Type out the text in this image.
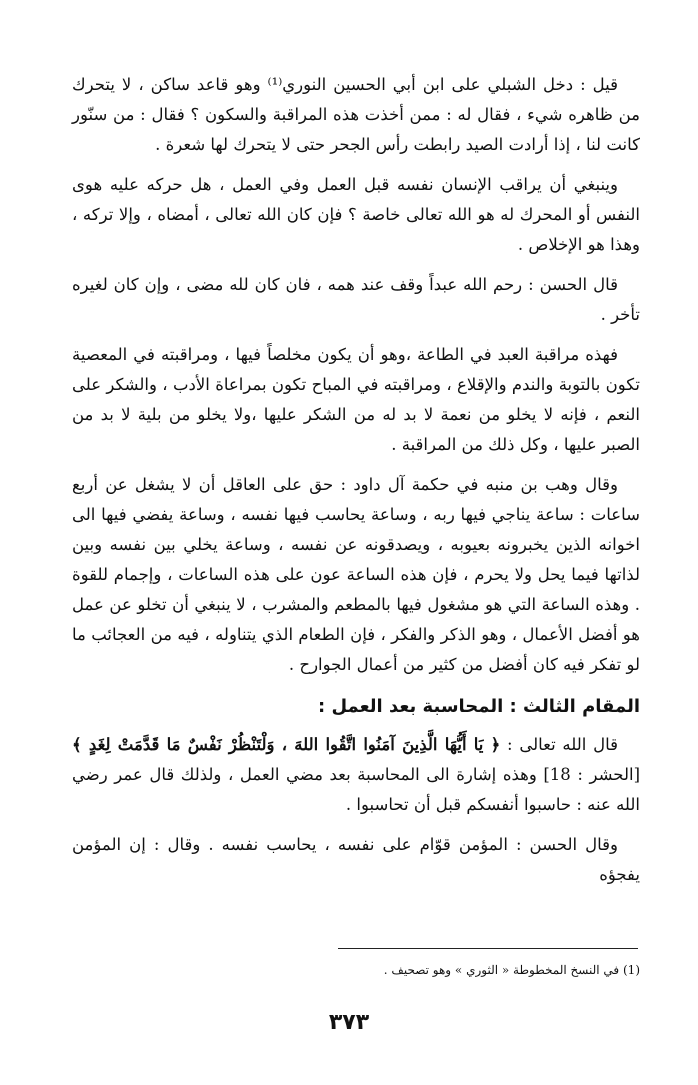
قيل : دخل الشبلي على ابن أبي الحسين النوري⁽¹⁾ وهو قاعد ساكن ، لا يتحرك من ظاهره شيء ، فقال له : ممن أخذت هذه المراقبة والسكون ؟ فقال : من سنّور كانت لنا ، إذا أرادت الصيد رابطت رأس الجحر حتى لا يتحرك لها شعرة .

وينبغي أن يراقب الإنسان نفسه قبل العمل وفي العمل ، هل حركه عليه هوى النفس أو المحرك له هو الله تعالى خاصة ؟ فإن كان الله تعالى ، أمضاه ، وإلا تركه ، وهذا هو الإخلاص .

قال الحسن : رحم الله عبداً وقف عند همه ، فان كان لله مضى ، وإن كان لغيره تأخر .

فهذه مراقبة العبد في الطاعة ،وهو أن يكون مخلصاً فيها ، ومراقبته في المعصية تكون بالتوبة والندم والإقلاع ، ومراقبته في المباح تكون بمراعاة الأدب ، والشكر على النعم ، فإنه لا يخلو من نعمة لا بد له من الشكر عليها ،ولا يخلو من بلية لا بد من الصبر عليها ، وكل ذلك من المراقبة .

وقال وهب بن منبه في حكمة آل داود : حق على العاقل أن لا يشغل عن أربع ساعات : ساعة يناجي فيها ربه ، وساعة يحاسب فيها نفسه ، وساعة يفضي فيها الى اخوانه الذين يخبرونه بعيوبه ، ويصدقونه عن نفسه ، وساعة يخلي بين نفسه وبين لذاتها فيما يحل ولا يحرم ، فإن هذه الساعة عون على هذه الساعات ، وإجمام للقوة . وهذه الساعة التي هو مشغول فيها بالمطعم والمشرب ، لا ينبغي أن تخلو عن عمل هو أفضل الأعمال ، وهو الذكر والفكر ، فإن الطعام الذي يتناوله ، فيه من العجائب ما لو تفكر فيه كان أفضل من كثير من أعمال الجوارح .

المقام الثالث : المحاسبة بعد العمل :

قال الله تعالى : ﴿ يَا أَيُّهَا الَّذِينَ آمَنُوا اتَّقُوا اللهَ ، وَلْتَنْظُرْ نَفْسٌ مَا قَدَّمَتْ لِغَدٍ ﴾ [الحشر : 18] وهذه إشارة الى المحاسبة بعد مضي العمل ، ولذلك قال عمر رضي الله عنه : حاسبوا أنفسكم قبل أن تحاسبوا .

وقال الحسن : المؤمن قوّام على نفسه ، يحاسب نفسه . وقال : إن المؤمن يفجؤه

(1) في النسخ المخطوطة « الثوري » وهو تصحيف .
٣٧٣
